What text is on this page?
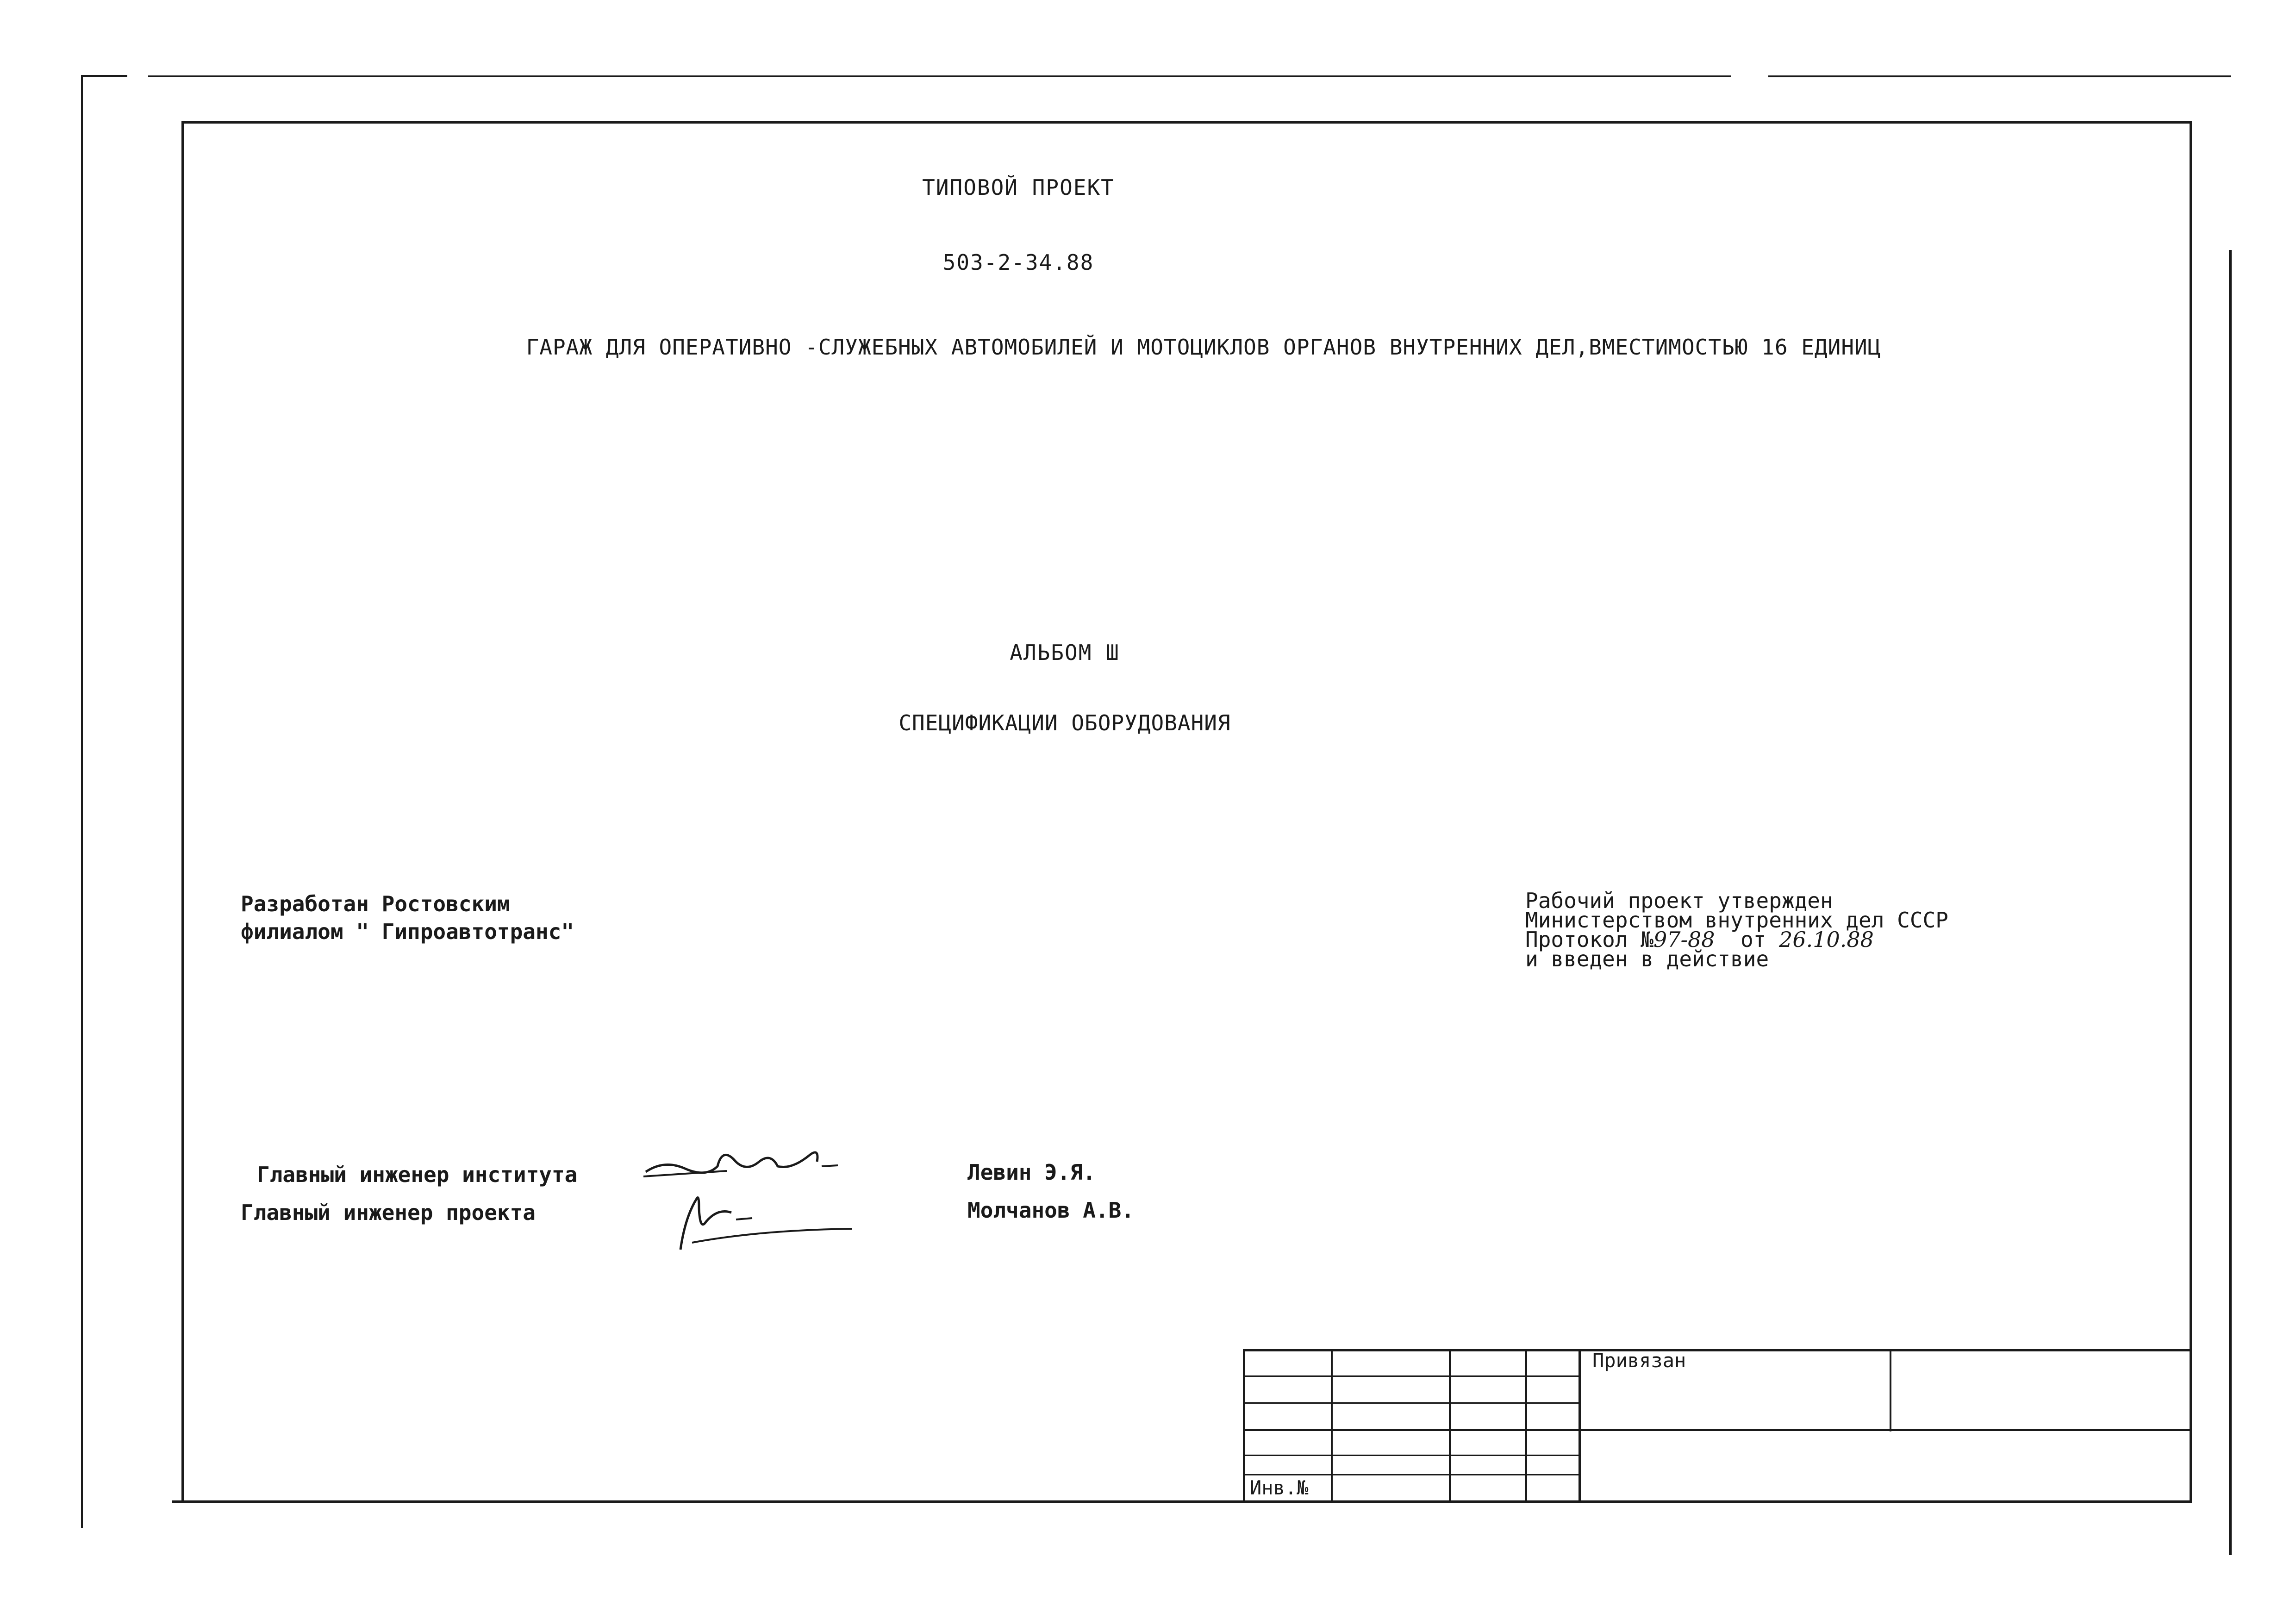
ТИПОВОЙ ПРОЕКТ
503-2-34.88
ГАРАЖ ДЛЯ ОПЕРАТИВНО -СЛУЖЕБНЫХ АВТОМОБИЛЕЙ И МОТОЦИКЛОВ ОРГАНОВ ВНУТРЕННИХ ДЕЛ,ВМЕСТИМОСТЬЮ 16 ЕДИНИЦ
АЛЬБОМ Ш
СПЕЦИФИКАЦИИ ОБОРУДОВАНИЯ
Разработан Ростовским
филиалом " Гипроавтотранс"
Рабочий проект утвержден
Министерством внутренних дел СССР
Протокол №97-88 от 26.10.88
и введен в действие
Главный инженер института
Главный инженер проекта
Левин Э.Я.
Молчанов А.В.
Привязан
Инв.№
